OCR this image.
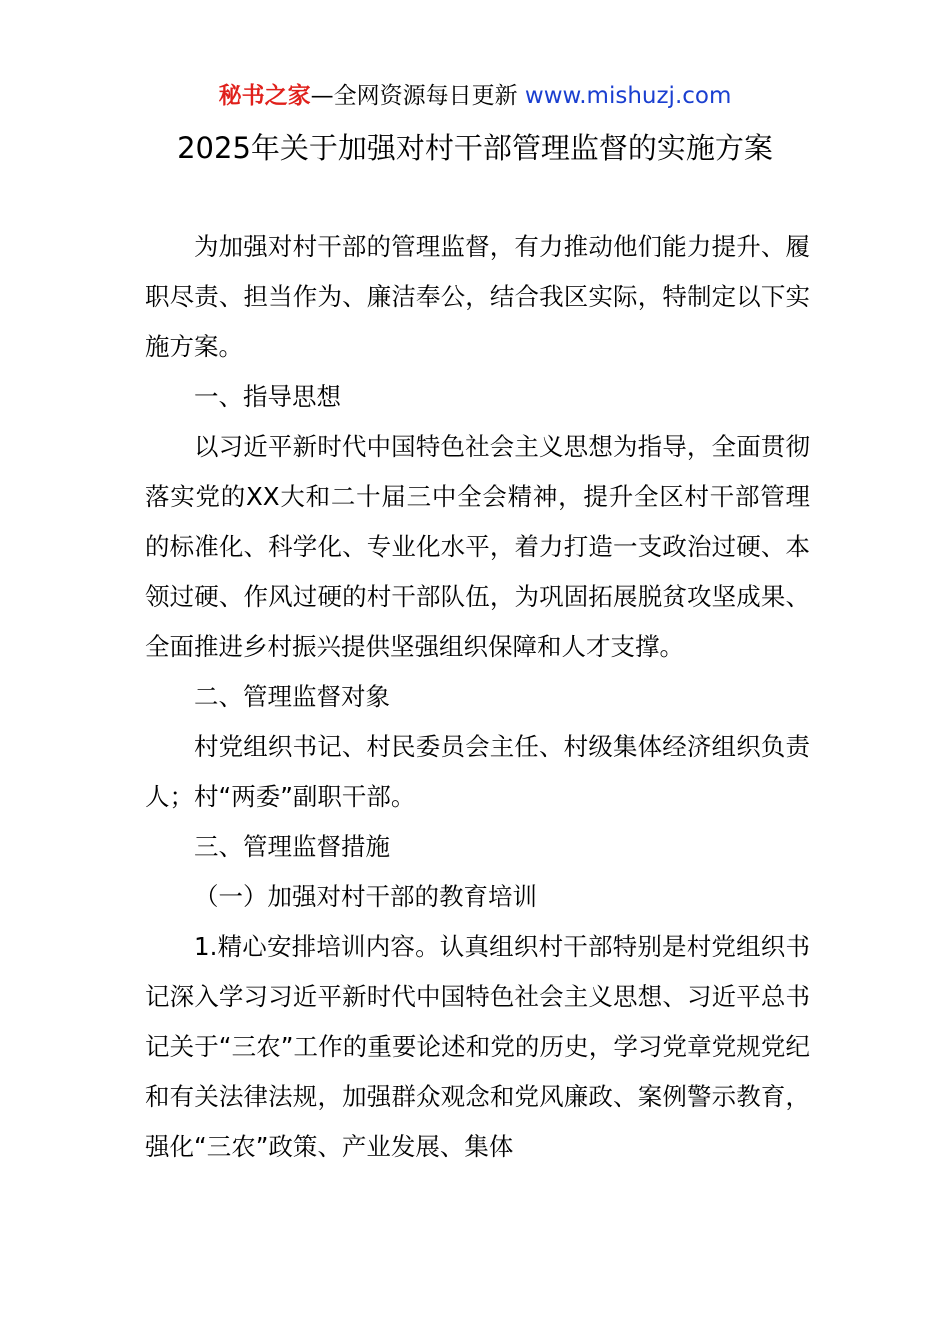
秘书之家—全网资源每日更新 www.mishuzj.com
2025年关于加强对村干部管理监督的实施方案

为加强对村干部的管理监督，有力推动他们能力提升、履职尽责、担当作为、廉洁奉公，结合我区实际，特制定以下实施方案。

一、指导思想

以习近平新时代中国特色社会主义思想为指导，全面贯彻落实党的XX大和二十届三中全会精神，提升全区村干部管理的标准化、科学化、专业化水平，着力打造一支政治过硬、本领过硬、作风过硬的村干部队伍，为巩固拓展脱贫攻坚成果、全面推进乡村振兴提供坚强组织保障和人才支撑。

二、管理监督对象

村党组织书记、村民委员会主任、村级集体经济组织负责人；村“两委”副职干部。

三、管理监督措施

（一）加强对村干部的教育培训

1.精心安排培训内容。认真组织村干部特别是村党组织书记深入学习习近平新时代中国特色社会主义思想、习近平总书记关于“三农”工作的重要论述和党的历史，学习党章党规党纪和有关法律法规，加强群众观念和党风廉政、案例警示教育，强化“三农”政策、产业发展、集体
